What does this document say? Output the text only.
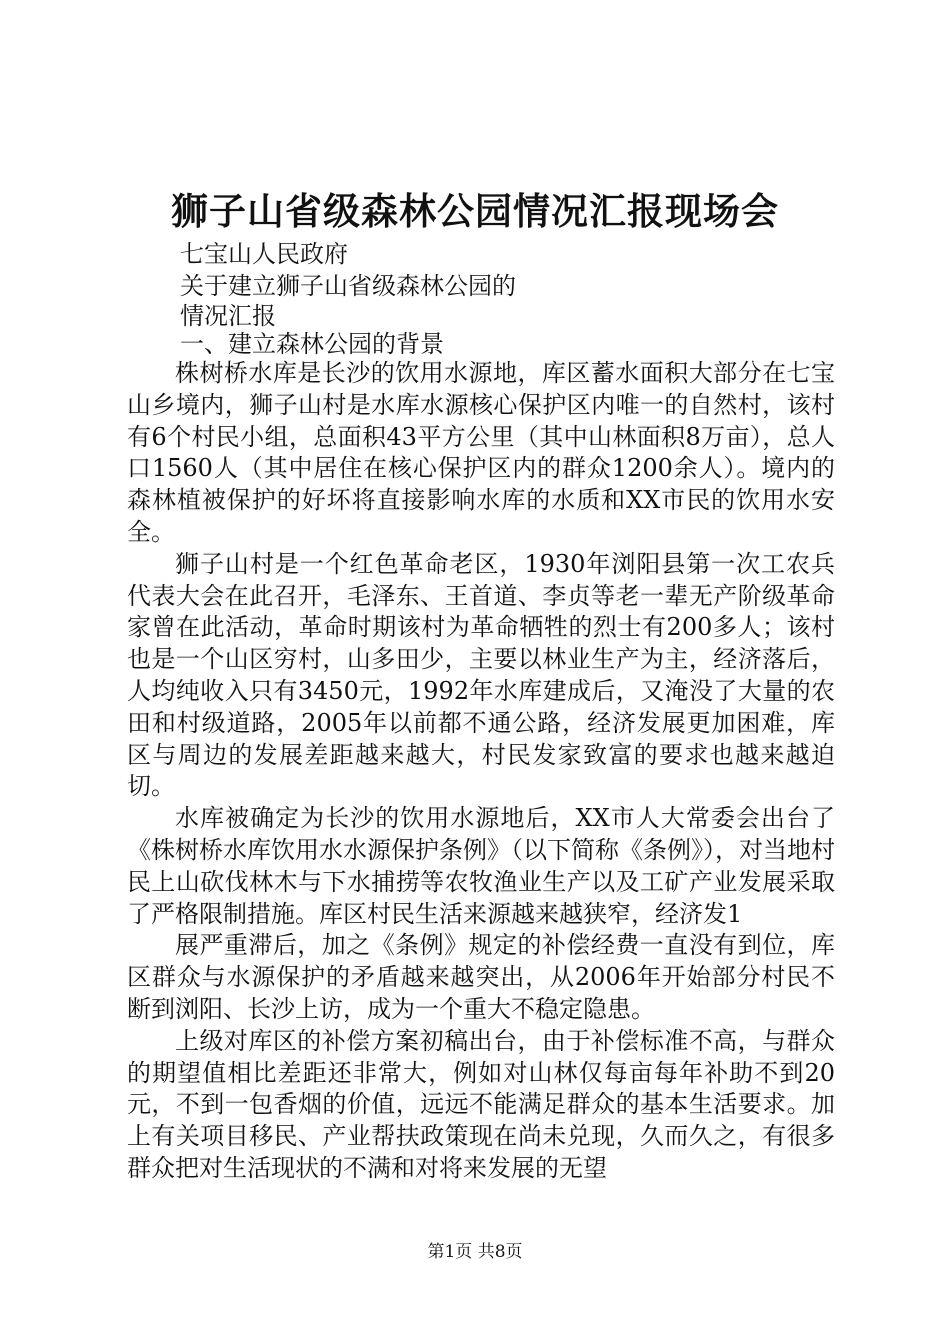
狮子山省级森林公园情况汇报现场会
七宝山人民政府
关于建立狮子山省级森林公园的
情况汇报
一、建立森林公园的背景

株树桥水库是长沙的饮用水源地，库区蓄水面积大部分在七宝山乡境内，狮子山村是水库水源核心保护区内唯一的自然村，该村有6个村民小组，总面积43平方公里（其中山林面积8万亩），总人口1560人（其中居住在核心保护区内的群众1200余人）。境内的森林植被保护的好坏将直接影响水库的水质和XX市民的饮用水安全。

狮子山村是一个红色革命老区，1930年浏阳县第一次工农兵代表大会在此召开，毛泽东、王首道、李贞等老一辈无产阶级革命家曾在此活动，革命时期该村为革命牺牲的烈士有200多人；该村也是一个山区穷村，山多田少，主要以林业生产为主，经济落后，人均纯收入只有3450元，1992年水库建成后，又淹没了大量的农田和村级道路，2005年以前都不通公路，经济发展更加困难，库区与周边的发展差距越来越大，村民发家致富的要求也越来越迫切。

水库被确定为长沙的饮用水源地后，XX市人大常委会出台了《株树桥水库饮用水水源保护条例》（以下简称《条例》），对当地村民上山砍伐林木与下水捕捞等农牧渔业生产以及工矿产业发展采取了严格限制措施。库区村民生活来源越来越狭窄，经济发1

展严重滞后，加之《条例》规定的补偿经费一直没有到位，库区群众与水源保护的矛盾越来越突出，从2006年开始部分村民不断到浏阳、长沙上访，成为一个重大不稳定隐患。

上级对库区的补偿方案初稿出台，由于补偿标准不高，与群众的期望值相比差距还非常大，例如对山林仅每亩每年补助不到20元，不到一包香烟的价值，远远不能满足群众的基本生活要求。加上有关项目移民、产业帮扶政策现在尚未兑现，久而久之，有很多群众把对生活现状的不满和对将来发展的无望

第1页 共8页
